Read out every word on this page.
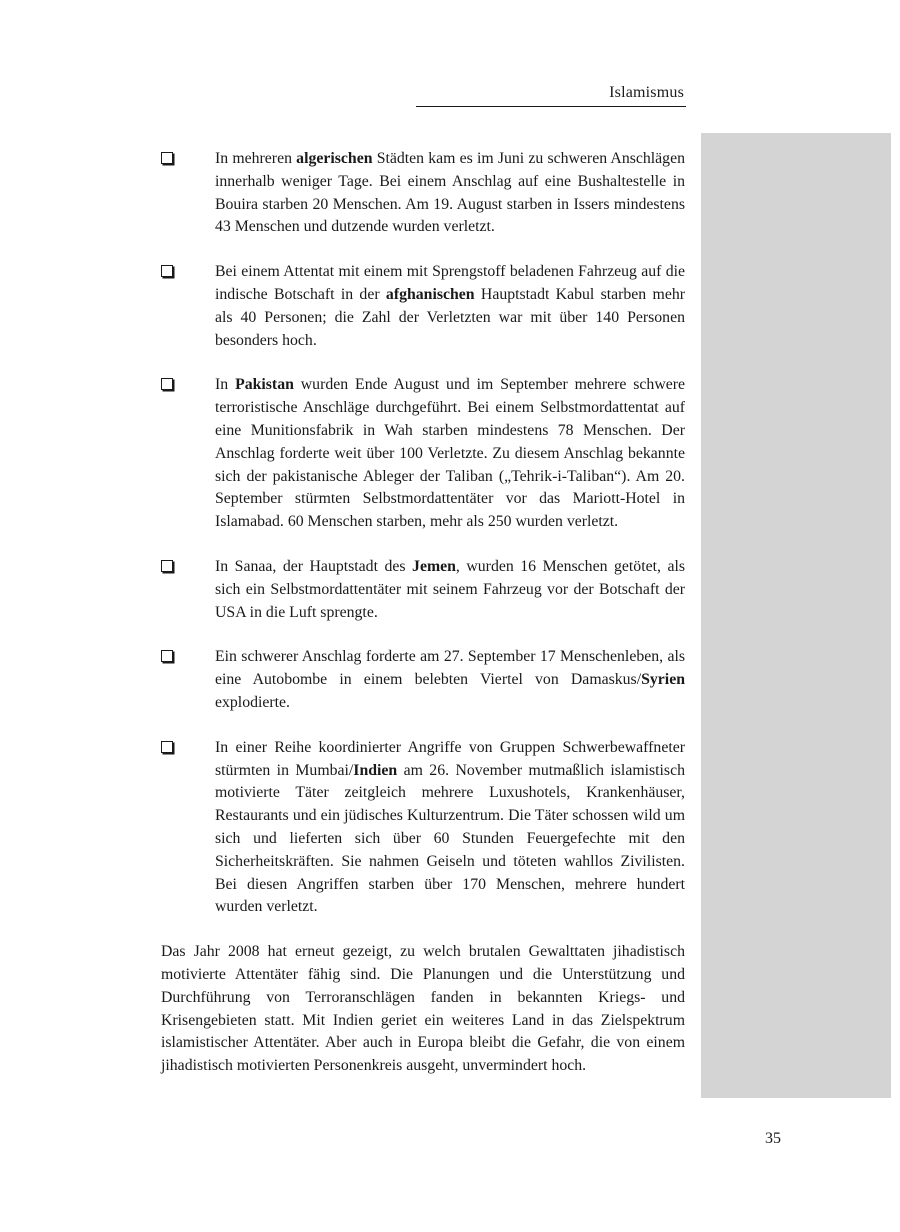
Islamismus
In mehreren algerischen Städten kam es im Juni zu schweren Anschlägen innerhalb weniger Tage. Bei einem Anschlag auf eine Bushaltestelle in Bouira starben 20 Menschen. Am 19. August starben in Issers mindestens 43 Menschen und dutzende wurden verletzt.
Bei einem Attentat mit einem mit Sprengstoff beladenen Fahrzeug auf die indische Botschaft in der afghanischen Hauptstadt Kabul starben mehr als 40 Personen; die Zahl der Verletzten war mit über 140 Personen besonders hoch.
In Pakistan wurden Ende August und im September mehrere schwere terroristische Anschläge durchgeführt. Bei einem Selbstmordattentat auf eine Munitionsfabrik in Wah starben mindestens 78 Menschen. Der Anschlag forderte weit über 100 Verletzte. Zu diesem Anschlag bekannte sich der pakistanische Ableger der Taliban („Tehrik-i-Taliban“). Am 20. September stürmten Selbstmordattentäter vor das Mariott-Hotel in Islamabad. 60 Menschen starben, mehr als 250 wurden verletzt.
In Sanaa, der Hauptstadt des Jemen, wurden 16 Menschen getötet, als sich ein Selbstmordattentäter mit seinem Fahrzeug vor der Botschaft der USA in die Luft sprengte.
Ein schwerer Anschlag forderte am 27. September 17 Menschenleben, als eine Autobombe in einem belebten Viertel von Damaskus/Syrien explodierte.
In einer Reihe koordinierter Angriffe von Gruppen Schwerbewaffneter stürmten in Mumbai/Indien am 26. November mutmaßlich islamistisch motivierte Täter zeitgleich mehrere Luxushotels, Krankenhäuser, Restaurants und ein jüdisches Kulturzentrum. Die Täter schossen wild um sich und lieferten sich über 60 Stunden Feuergefechte mit den Sicherheitskräften. Sie nahmen Geiseln und töteten wahllos Zivilisten. Bei diesen Angriffen starben über 170 Menschen, mehrere hundert wurden verletzt.

Das Jahr 2008 hat erneut gezeigt, zu welch brutalen Gewalttaten jihadistisch motivierte Attentäter fähig sind. Die Planungen und die Unterstützung und Durchführung von Terroranschlägen fanden in bekannten Kriegs- und Krisengebieten statt. Mit Indien geriet ein weiteres Land in das Zielspektrum islamistischer Attentäter. Aber auch in Europa bleibt die Gefahr, die von einem jihadistisch motivierten Personenkreis ausgeht, unvermindert hoch.

35
